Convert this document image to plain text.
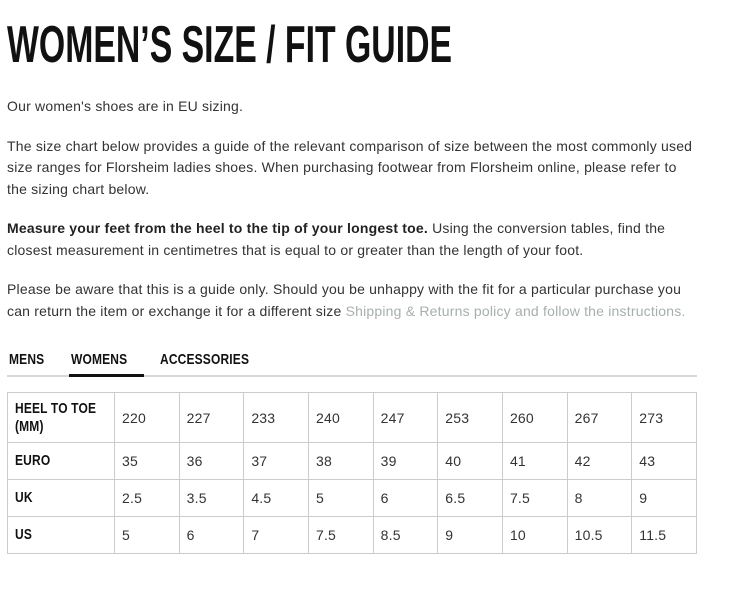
WOMEN’S SIZE / FIT GUIDE

Our women's shoes are in EU sizing.

The size chart below provides a guide of the relevant comparison of size between the most commonly used size ranges for Florsheim ladies shoes. When purchasing footwear from Florsheim online, please refer to the sizing chart below.

Measure your feet from the heel to the tip of your longest toe. Using the conversion tables, find the closest measurement in centimetres that is equal to or greater than the length of your foot.

Please be aware that this is a guide only. Should you be unhappy with the fit for a particular purchase you can return the item or exchange it for a different size Shipping & Returns policy and follow the instructions.

MENS	WOMENS	ACCESSORIES
HEEL TO TOE (MM)	220	227	233	240	247	253	260	267	273
EURO	35	36	37	38	39	40	41	42	43
UK	2.5	3.5	4.5	5	6	6.5	7.5	8	9
US	5	6	7	7.5	8.5	9	10	10.5	11.5
